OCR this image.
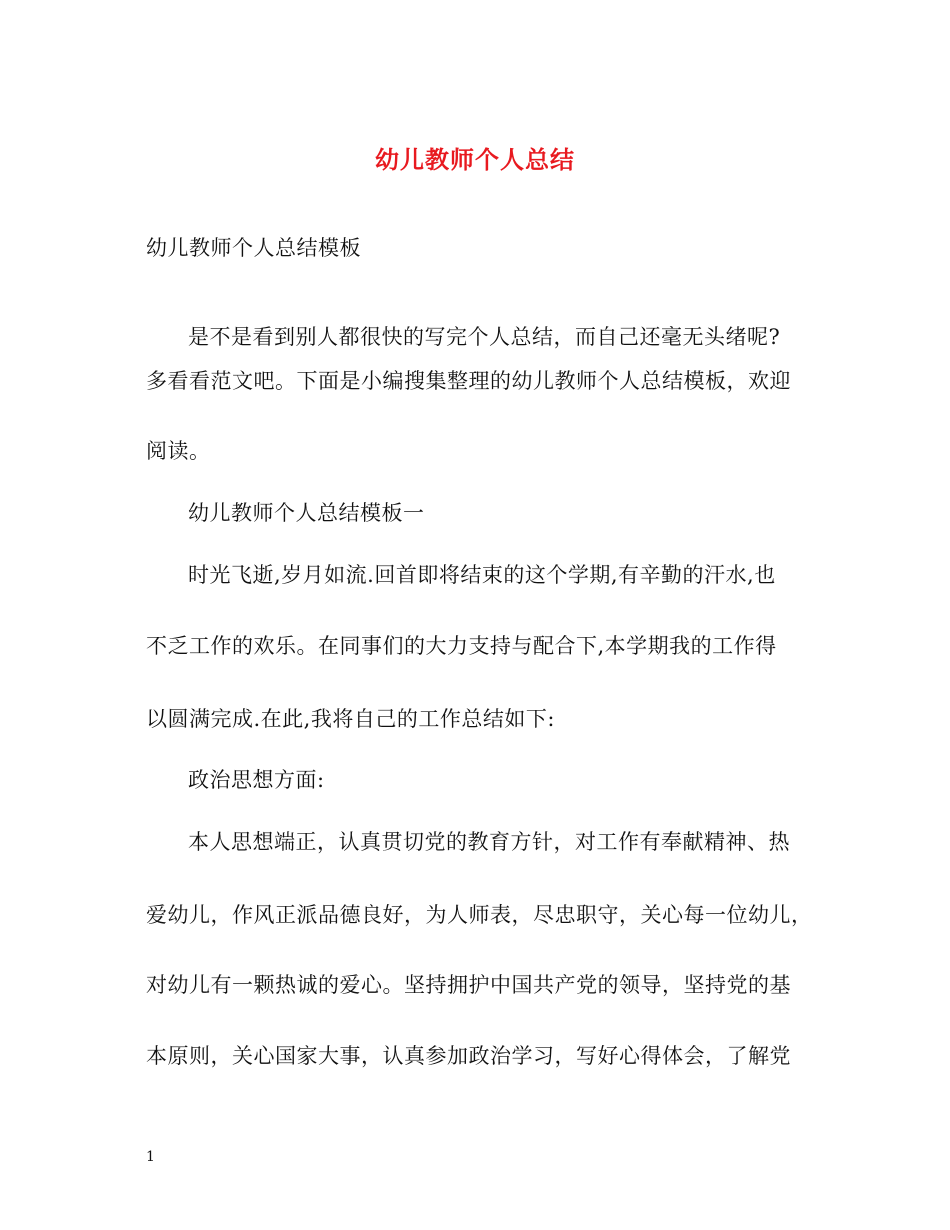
幼儿教师个人总结
幼儿教师个人总结模板
是不是看到别人都很快的写完个人总结，而自己还毫无头绪呢?
多看看范文吧。下面是小编搜集整理的幼儿教师个人总结模板，欢迎
阅读。
幼儿教师个人总结模板一
时光飞逝,岁月如流.回首即将结束的这个学期,有辛勤的汗水,也
不乏工作的欢乐。在同事们的大力支持与配合下,本学期我的工作得
以圆满完成.在此,我将自己的工作总结如下:
政治思想方面:
本人思想端正，认真贯切党的教育方针，对工作有奉献精神、热
爱幼儿，作风正派品德良好，为人师表，尽忠职守，关心每一位幼儿，
对幼儿有一颗热诚的爱心。坚持拥护中国共产党的领导，坚持党的基
本原则，关心国家大事，认真参加政治学习，写好心得体会，了解党
1
